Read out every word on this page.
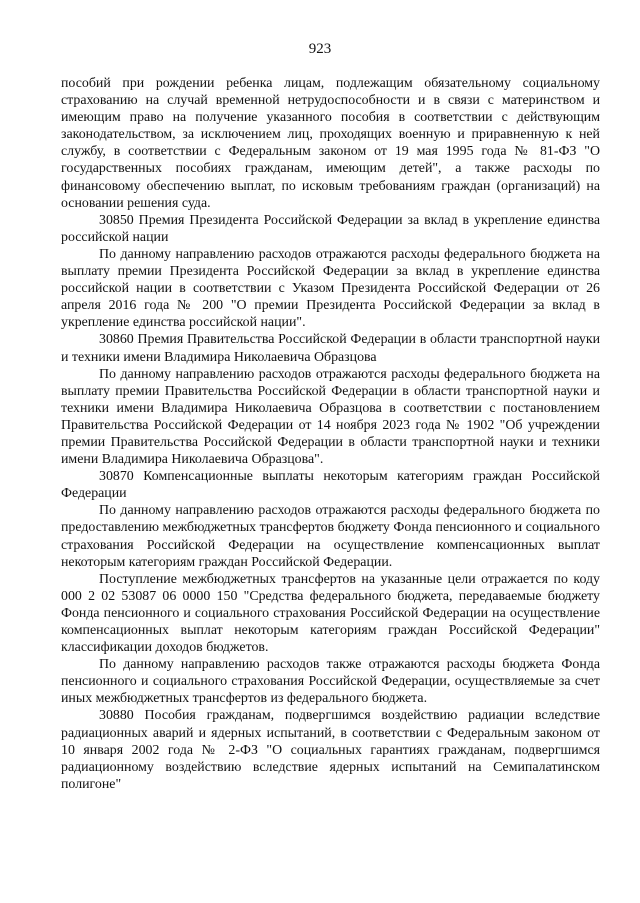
923

пособий при рождении ребенка лицам, подлежащим обязательному социальному страхованию на случай временной нетрудоспособности и в связи с материнством и имеющим право на получение указанного пособия в соответствии с действующим законодательством, за исключением лиц, проходящих военную и приравненную к ней службу, в соответствии с Федеральным законом от 19 мая 1995 года № 81-ФЗ "О государственных пособиях гражданам, имеющим детей", а также расходы по финансовому обеспечению выплат, по исковым требованиям граждан (организаций) на основании решения суда.

30850 Премия Президента Российской Федерации за вклад в укрепление единства российской нации

По данному направлению расходов отражаются расходы федерального бюджета на выплату премии Президента Российской Федерации за вклад в укрепление единства российской нации в соответствии с Указом Президента Российской Федерации от 26 апреля 2016 года № 200 "О премии Президента Российской Федерации за вклад в укрепление единства российской нации".

30860 Премия Правительства Российской Федерации в области транспортной науки и техники имени Владимира Николаевича Образцова

По данному направлению расходов отражаются расходы федерального бюджета на выплату премии Правительства Российской Федерации в области транспортной науки и техники имени Владимира Николаевича Образцова в соответствии с постановлением Правительства Российской Федерации от 14 ноября 2023 года № 1902 "Об учреждении премии Правительства Российской Федерации в области транспортной науки и техники имени Владимира Николаевича Образцова".

30870 Компенсационные выплаты некоторым категориям граждан Российской Федерации

По данному направлению расходов отражаются расходы федерального бюджета по предоставлению межбюджетных трансфертов бюджету Фонда пенсионного и социального страхования Российской Федерации на осуществление компенсационных выплат некоторым категориям граждан Российской Федерации.

Поступление межбюджетных трансфертов на указанные цели отражается по коду 000 2 02 53087 06 0000 150 "Средства федерального бюджета, передаваемые бюджету Фонда пенсионного и социального страхования Российской Федерации на осуществление компенсационных выплат некоторым категориям граждан Российской Федерации" классификации доходов бюджетов.

По данному направлению расходов также отражаются расходы бюджета Фонда пенсионного и социального страхования Российской Федерации, осуществляемые за счет иных межбюджетных трансфертов из федерального бюджета.

30880 Пособия гражданам, подвергшимся воздействию радиации вследствие радиационных аварий и ядерных испытаний, в соответствии с Федеральным законом от 10 января 2002 года № 2-ФЗ "О социальных гарантиях гражданам, подвергшимся радиационному воздействию вследствие ядерных испытаний на Семипалатинском полигоне"
